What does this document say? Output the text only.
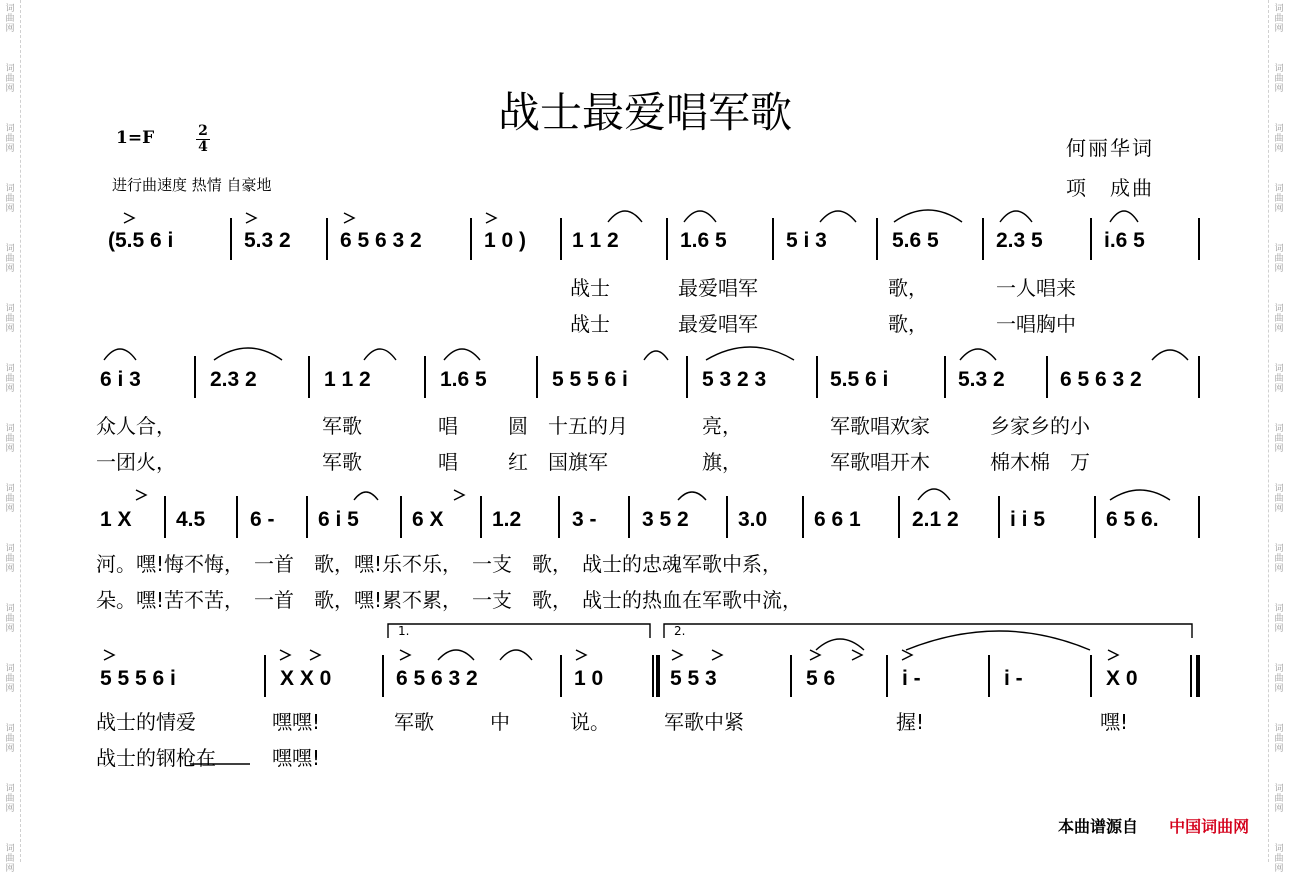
词
曲
网
词
曲
网
词
曲
网
词
曲
网
词
曲
网
词
曲
网
词
曲
网
词
曲
网
词
曲
网
词
曲
网
词
曲
网
词
曲
网
词
曲
网
词
曲
网
词
曲
网
词
曲
网
词
曲
网
词
曲
网
词
曲
网
词
曲
网
词
曲
网
词
曲
网
词
曲
网
词
曲
网
词
曲
网
词
曲
网
词
曲
网
词
曲
网
词
曲
网
词
曲
网
战士最爱唱军歌
1=F	$\frac{2}{4}$
进行曲速度 热情 自豪地
何丽华词
项　成曲
1.	2.
(5.5 6 i	5.3 2 6 5 6 3 2	1 0 ) 1 1 2	1.6 5	5 i 3	5.6 5	2.3 5	i.6 5
战士	最爱唱军	歌，	一人唱来
战士	最爱唱军	歌，	一唱胸中
6 i 3	2.3 2	1 1 2	1.6 5	5 5 5 6 i	5 3 2 3	5.5 6 i	5.3 2	6 5 6 3 2
众人合，	军歌	唱	圆 十五的月	亮，	军歌唱欢家	乡家乡的小
一团火，	军歌	唱	红 国旗军	旗，	军歌唱开木	棉木棉　万
1 X 4.5 6 - 6 i 5	6 X 1.2 3 - 3 5 2 3.0 6 6 1 2.1 2 i i 5	6 5 6.
河。嘿!悔不悔，　一首　歌，嘿!乐不乐，　一支　歌，　战士的忠魂军歌中系，
朵。嘿!苦不苦，　一首　歌，嘿!累不累，　一支　歌，　战士的热血在军歌中流，
5 5 5 6 i	X X 0	6 5 6 3 2	1 0	5 5 3	5 6	i -	i -	X 0
战士的情爱	嘿嘿!	军歌	中	说。	军歌中紧	握!	嘿!
战士的钢枪在	嘿嘿!
本曲谱源自 中国词曲网
